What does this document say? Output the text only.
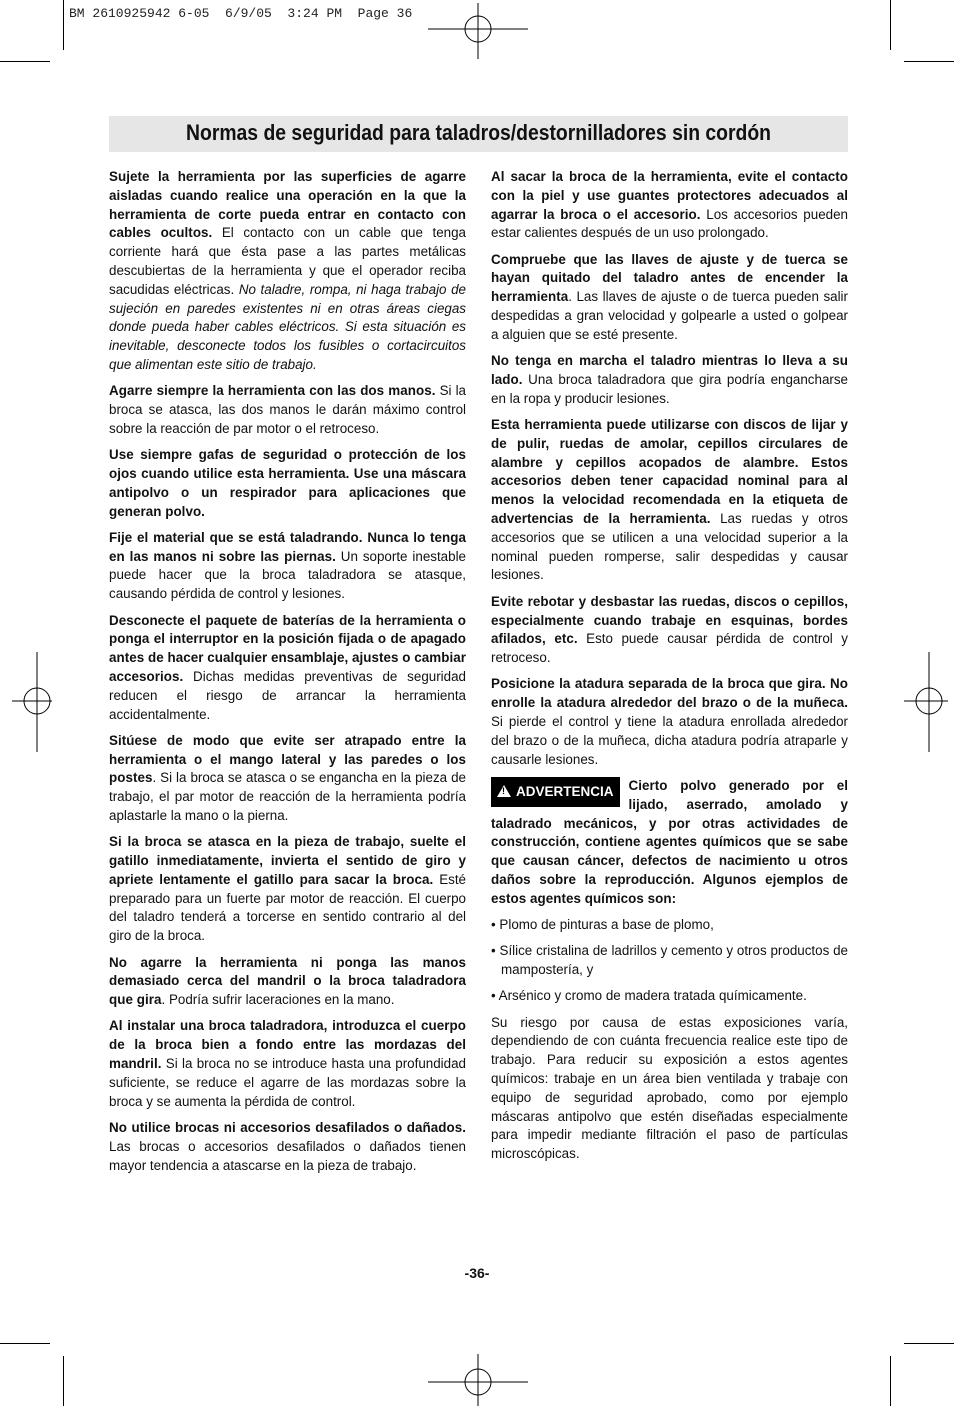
BM 2610925942 6-05  6/9/05  3:24 PM  Page 36
Normas de seguridad para taladros/destornilladores sin cordón

Sujete la herramienta por las superficies de agarre aisladas cuando realice una operación en la que la herramienta de corte pueda entrar en contacto con cables ocultos. El contacto con un cable que tenga corriente hará que ésta pase a las partes metálicas descubiertas de la herramienta y que el operador reciba sacudidas eléctricas. No taladre, rompa, ni haga trabajo de sujeción en paredes existentes ni en otras áreas ciegas donde pueda haber cables eléctricos. Si esta situación es inevitable, desconecte todos los fusibles o cortacircuitos que alimentan este sitio de trabajo.

Agarre siempre la herramienta con las dos manos. Si la broca se atasca, las dos manos le darán máximo control sobre la reacción de par motor o el retroceso.

Use siempre gafas de seguridad o protección de los ojos cuando utilice esta herramienta. Use una máscara antipolvo o un respirador para aplicaciones que generan polvo.

Fije el material que se está taladrando. Nunca lo tenga en las manos ni sobre las piernas. Un soporte inestable puede hacer que la broca taladradora se atasque, causando pérdida de control y lesiones.

Desconecte el paquete de baterías de la herramienta o ponga el interruptor en la posición fijada o de apagado antes de hacer cualquier ensamblaje, ajustes o cambiar accesorios. Dichas medidas preventivas de seguridad reducen el riesgo de arrancar la herramienta accidentalmente.

Sitúese de modo que evite ser atrapado entre la herramienta o el mango lateral y las paredes o los postes. Si la broca se atasca o se engancha en la pieza de trabajo, el par motor de reacción de la herramienta podría aplastarle la mano o la pierna.

Si la broca se atasca en la pieza de trabajo, suelte el gatillo inmediatamente, invierta el sentido de giro y apriete lentamente el gatillo para sacar la broca. Esté preparado para un fuerte par motor de reacción. El cuerpo del taladro tenderá a torcerse en sentido contrario al del giro de la broca.

No agarre la herramienta ni ponga las manos demasiado cerca del mandril o la broca taladradora que gira. Podría sufrir laceraciones en la mano.

Al instalar una broca taladradora, introduzca el cuerpo de la broca bien a fondo entre las mordazas del mandril. Si la broca no se introduce hasta una profundidad suficiente, se reduce el agarre de las mordazas sobre la broca y se aumenta la pérdida de control.

No utilice brocas ni accesorios desafilados o dañados. Las brocas o accesorios desafilados o dañados tienen mayor tendencia a atascarse en la pieza de trabajo.

Al sacar la broca de la herramienta, evite el contacto con la piel y use guantes protectores adecuados al agarrar la broca o el accesorio. Los accesorios pueden estar calientes después de un uso prolongado.

Compruebe que las llaves de ajuste y de tuerca se hayan quitado del taladro antes de encender la herramienta. Las llaves de ajuste o de tuerca pueden salir despedidas a gran velocidad y golpearle a usted o golpear a alguien que se esté presente.

No tenga en marcha el taladro mientras lo lleva a su lado. Una broca taladradora que gira podría engancharse en la ropa y producir lesiones.

Esta herramienta puede utilizarse con discos de lijar y de pulir, ruedas de amolar, cepillos circulares de alambre y cepillos acopados de alambre. Estos accesorios deben tener capacidad nominal para al menos la velocidad recomendada en la etiqueta de advertencias de la herramienta. Las ruedas y otros accesorios que se utilicen a una velocidad superior a la nominal pueden romperse, salir despedidas y causar lesiones.

Evite rebotar y desbastar las ruedas, discos o cepillos, especialmente cuando trabaje en esquinas, bordes afilados, etc. Esto puede causar pérdida de control y retroceso.

Posicione la atadura separada de la broca que gira. No enrolle la atadura alrededor del brazo o de la muñeca. Si pierde el control y tiene la atadura enrollada alrededor del brazo o de la muñeca, dicha atadura podría atraparle y causarle lesiones.

!ADVERTENCIA	Cierto polvo generado por el lijado, aserrado, amolado y taladrado mecánicos, y por otras actividades de construcción, contiene agentes químicos que se sabe que causan cáncer, defectos de nacimiento u otros daños sobre la reproducción. Algunos ejemplos de estos agentes químicos son:

• Plomo de pinturas a base de plomo,

• Sílice cristalina de ladrillos y cemento y otros productos de mampostería, y

• Arsénico y cromo de madera tratada químicamente.

Su riesgo por causa de estas exposiciones varía, dependiendo de con cuánta frecuencia realice este tipo de trabajo. Para reducir su exposición a estos agentes químicos: trabaje en un área bien ventilada y trabaje con equipo de seguridad aprobado, como por ejemplo máscaras antipolvo que estén diseñadas especialmente para impedir mediante filtración el paso de partículas microscópicas.

-36-
